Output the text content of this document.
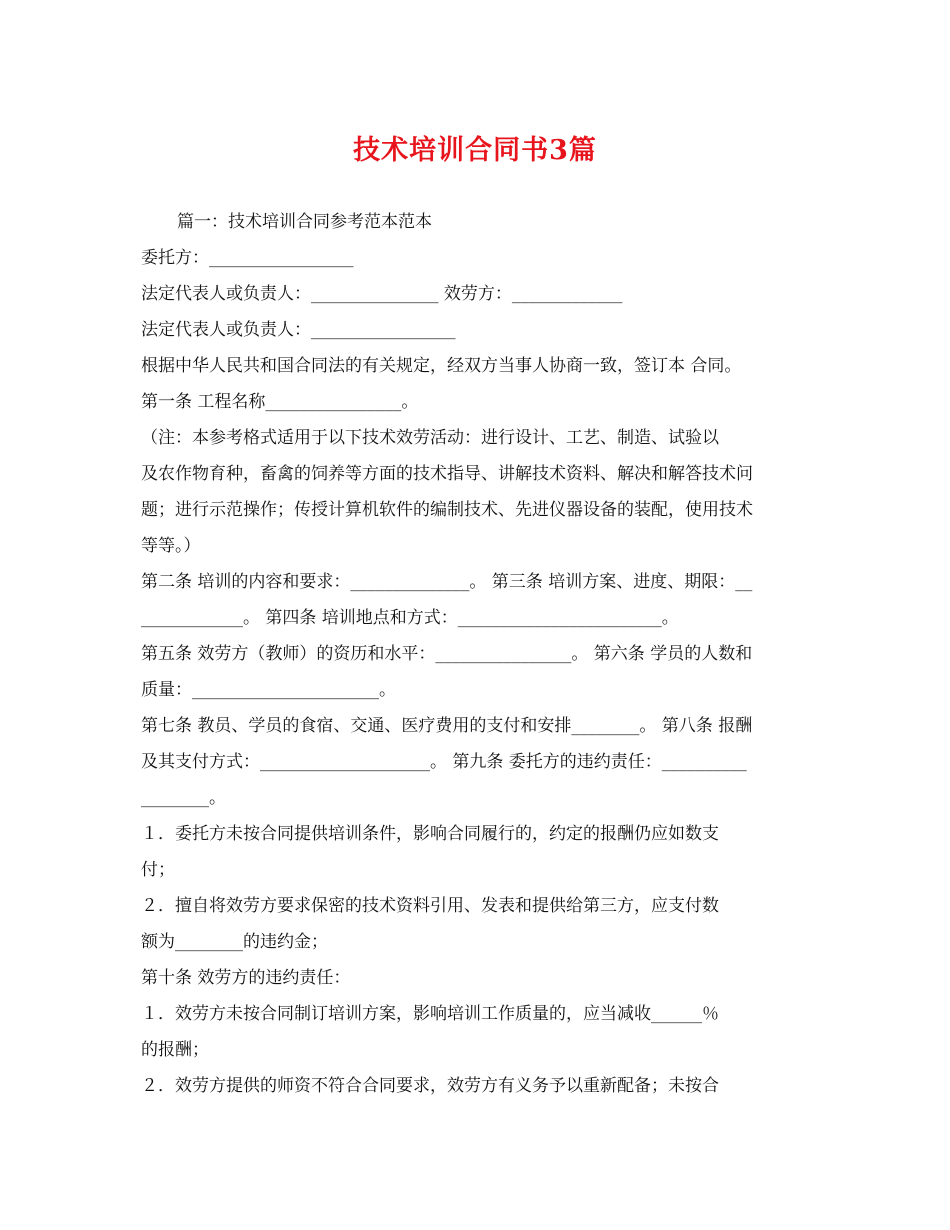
技术培训合同书3篇
篇一：技术培训合同参考范本范本
委托方：_________________
法定代表人或负责人：_______________ 效劳方：_____________
法定代表人或负责人：_________________
根据中华人民共和国合同法的有关规定，经双方当事人协商一致，签订本 合同。
第一条 工程名称________________。
（注：本参考格式适用于以下技术效劳活动：进行设计、工艺、制造、试验以
及农作物育种，畜禽的饲养等方面的技术指导、讲解技术资料、解决和解答技术问
题；进行示范操作；传授计算机软件的编制技术、先进仪器设备的装配，使用技术
等等。）
第二条 培训的内容和要求：______________。 第三条 培训方案、进度、期限：__
____________。 第四条 培训地点和方式：________________________。
第五条 效劳方（教师）的资历和水平：________________。 第六条 学员的人数和
质量：______________________。
第七条 教员、学员的食宿、交通、医疗费用的支付和安排________。 第八条 报酬
及其支付方式：____________________。 第九条 委托方的违约责任：__________
________。
１．委托方未按合同提供培训条件，影响合同履行的，约定的报酬仍应如数支
付；
２．擅自将效劳方要求保密的技术资料引用、发表和提供给第三方，应支付数
额为________的违约金；
第十条 效劳方的违约责任：
１．效劳方未按合同制订培训方案，影响培训工作质量的，应当减收______％
的报酬；
２．效劳方提供的师资不符合合同要求，效劳方有义务予以重新配备；未按合
